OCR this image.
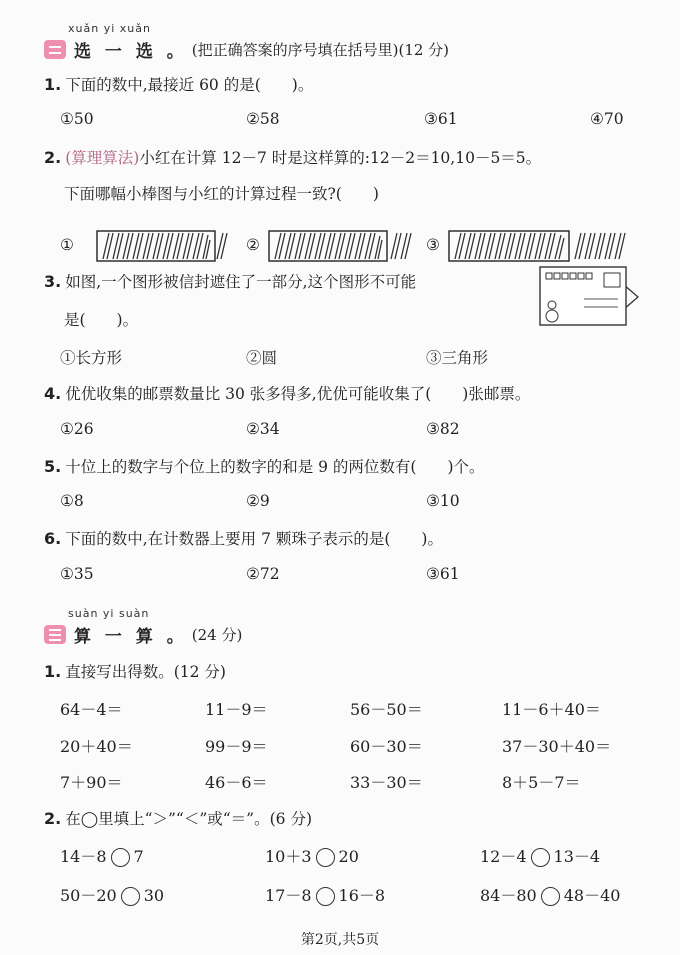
xuǎn yi xuǎn
选 一 选 。 (把正确答案的序号填在括号里)(12 分)
1. 下面的数中,最接近 60 的是(　　)。
①50	②58	③61	④70
2. (算理算法)小红在计算 12－7 时是这样算的:12－2＝10,10－5＝5。
下面哪幅小棒图与小红的计算过程一致?(　　)
①	②	③
3. 如图,一个图形被信封遮住了一部分,这个图形不可能
是(　　)。
①长方形	②圆	③三角形
4. 优优收集的邮票数量比 30 张多得多,优优可能收集了(　　)张邮票。
①26	②34	③82
5. 十位上的数字与个位上的数字的和是 9 的两位数有(　　)个。
①8	②9	③10
6. 下面的数中,在计数器上要用 7 颗珠子表示的是(　　)。
①35	②72	③61
suàn yi suàn
算 一 算 。 (24 分)
1. 直接写出得数。(12 分)
64－4＝	11－9＝	56－50＝	11－6＋40＝
20＋40＝	99－9＝	60－30＝	37－30＋40＝
7＋90＝	46－6＝	33－30＝	8＋5－7＝
2. 在◯里填上“＞”“＜”或“＝”。(6 分)
14－8 7	10＋3 20	12－4 13－4
50－20 30	17－8 16－8	84－80 48－40
第2页,共5页
